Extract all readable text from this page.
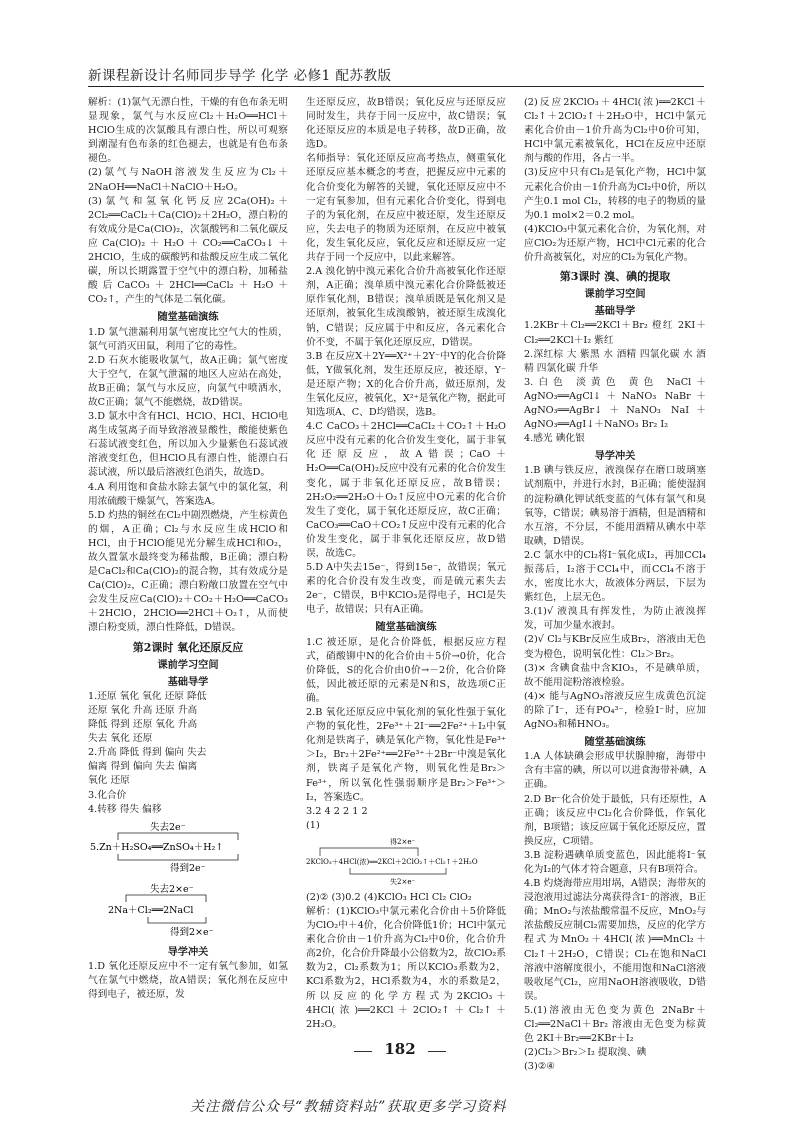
新课程新设计名师同步导学 化学 必修1 配苏教版

解析：(1)氯气无漂白性，干燥的有色布条无明显现象，氯气与水反应Cl₂＋H₂O══HCl＋HClO生成的次氯酸具有漂白性，所以可观察到潮湿有色布条的红色褪去，也就是有色布条褪色。

(2)氯气与NaOH溶液发生反应为Cl₂＋2NaOH══NaCl＋NaClO＋H₂O。

(3)氯气和氢氧化钙反应2Ca(OH)₂＋2Cl₂══CaCl₂＋Ca(ClO)₂＋2H₂O，漂白粉的有效成分是Ca(ClO)₂，次氯酸钙和二氧化碳反应Ca(ClO)₂＋H₂O＋CO₂══CaCO₃↓＋2HClO，生成的碳酸钙和盐酸反应生成二氧化碳，所以长期露置于空气中的漂白粉，加稀盐酸后CaCO₃＋2HCl══CaCl₂＋H₂O＋CO₂↑，产生的气体是二氧化碳。

随堂基础演练

1.D 氯气泄漏利用氯气密度比空气大的性质，氯气可消灭田鼠，利用了它的毒性。

2.D 石灰水能吸收氯气，故A正确；氯气密度大于空气，在氯气泄漏的地区人应站在高处，故B正确；氯气与水反应，向氯气中喷洒水，故C正确；氯气不能燃烧，故D错误。

3.D 氯水中含有HCl、HClO、HCl、HClO电离生成氢离子而导致溶液显酸性，酸能使紫色石蕊试液变红色，所以加入少量紫色石蕊试液溶液变红色，但HClO具有漂白性，能漂白石蕊试液，所以最后溶液红色消失，故选D。

4.A 利用饱和食盐水除去氯气中的氯化氢，利用浓硫酸干燥氯气，答案选A。

5.D 灼热的铜丝在Cl₂中剧烈燃烧，产生棕黄色的烟，A正确；Cl₂与水反应生成HClO和HCl，由于HClO能见光分解生成HCl和O₂，故久置氯水最终变为稀盐酸，B正确；漂白粉是CaCl₂和Ca(ClO)₂的混合物，其有效成分是Ca(ClO)₂，C正确；漂白粉敞口放置在空气中会发生反应Ca(ClO)₂＋CO₂＋H₂O══CaCO₃＋2HClO，2HClO══2HCl＋O₂↑，从而使漂白粉变质，漂白性降低，D错误。

第2课时 氧化还原反应

课前学习空间

基础导学

1.还原 氧化 氧化 还原 降低

还原 氧化 升高 还原 升高

降低 得到 还原 氧化 升高

失去 氧化 还原

2.升高 降低 得到 偏向 失去

偏离 得到 偏向 失去 偏离

氧化 还原

3.化合价

4.转移 得失 偏移

失去2e⁻
5.Zn＋H₂SO₄══ZnSO₄＋H₂↑
得到2e⁻
失去2×e⁻
2Na＋Cl₂══2NaCl
得到2×e⁻

导学冲关

1.D 氧化还原反应中不一定有氧气参加，如氢气在氯气中燃烧，故A错误；氧化剂在反应中得到电子，被还原，发

生还原反应，故B错误；氧化反应与还原反应同时发生，共存于同一反应中，故C错误；氧化还原反应的本质是电子转移，故D正确，故选D。

名师指导：氧化还原反应高考热点，侧重氧化还原反应基本概念的考查，把握反应中元素的化合价变化为解答的关键，氧化还原反应中不一定有氧参加，但有元素化合价变化，得到电子的为氧化剂，在反应中被还原，发生还原反应，失去电子的物质为还原剂，在反应中被氧化，发生氧化反应，氧化反应和还原反应一定共存于同一个反应中，以此来解答。

2.A 溴化钠中溴元素化合价升高被氧化作还原剂，A正确；溴单质中溴元素化合价降低被还原作氧化剂，B错误；溴单质既是氧化剂又是还原剂，被氧化生成溴酸钠，被还原生成溴化钠，C错误；反应属于中和反应，各元素化合价不变，不属于氧化还原反应，D错误。

3.B 在反应X＋2Y══X²⁺＋2Y⁻中Y的化合价降低，Y做氧化剂，发生还原反应，被还原，Y⁻是还原产物；X的化合价升高，做还原剂，发生氧化反应，被氧化，X²⁺是氧化产物，据此可知选项A、C、D均错误，选B。

4.C CaCO₃＋2HCl══CaCl₂＋CO₂↑＋H₂O反应中没有元素的化合价发生变化，属于非氧化还原反应，故A错误；CaO＋H₂O══Ca(OH)₂反应中没有元素的化合价发生变化，属于非氧化还原反应，故B错误；2H₂O₂══2H₂O＋O₂↑反应中O元素的化合价发生了变化，属于氧化还原反应，故C正确；CaCO₃══CaO＋CO₂↑反应中没有元素的化合价发生变化，属于非氧化还原反应，故D错误，故选C。

5.D A中失去15e⁻，得到15e⁻，故错误；氧元素的化合价没有发生改变，而是硫元素失去2e⁻，C错误，B中KClO₃是得电子，HCl是失电子，故错误；只有A正确。

随堂基础演练

1.C 被还原，是化合价降低，根据反应方程式，硝酸铆中N的化合价由＋5价→0价，化合价降低，S的化合价由0价→－2价，化合价降低，因此被还原的元素是N和S，故选项C正确。

2.B 氧化还原反应中氧化剂的氧化性强于氧化产物的氧化性，2Fe³⁺＋2I⁻══2Fe²⁺＋I₂中氧化剂是铁离子，碘是氧化产物，氧化性是Fe³⁺＞I₂，Br₂＋2Fe²⁺══2Fe³⁺＋2Br⁻中溴是氧化剂，铁离子是氧化产物，则氧化性是Br₂＞Fe³⁺，所以氧化性强弱顺序是Br₂＞Fe³⁺＞I₂，答案选C。

3.2 4 2 2 1 2

(1)

得2×e⁻
2KClO₃＋4HCl(浓)══2KCl＋2ClO₂↑＋Cl₂↑＋2H₂O
失2×e⁻

(2)② (3)0.2 (4)KClO₃ HCl Cl₂ ClO₂

解析：(1)KClO₃中氯元素化合价由＋5价降低为ClO₂中＋4价，化合价降低1价；HCl中氯元素化合价由－1价升高为Cl₂中0价，化合价升高2价，化合价升降最小公倍数为2，故ClO₂系数为2，Cl₂系数为1；所以KClO₃系数为2，KCl系数为2，HCl系数为4，水的系数是2，所以反应的化学方程式为2KClO₃＋4HCl(浓)══2KCl＋2ClO₂↑＋Cl₂↑＋2H₂O。

(2)反应2KClO₃＋4HCl(浓)══2KCl＋Cl₂↑＋2ClO₂↑＋2H₂O中，HCl中氯元素化合价由－1价升高为Cl₂中0价可知，HCl中氯元素被氧化，HCl在反应中还原剂与酸的作用，各占一半。

(3)反应中只有Cl₂是氧化产物，HCl中氯元素化合价由－1价升高为Cl₂中0价，所以产生0.1 mol Cl₂，转移的电子的物质的量为0.1 mol×2＝0.2 mol。

(4)KClO₃中氯元素化合价，为氧化剂，对应ClO₂为还原产物，HCl中Cl元素的化合价升高被氧化，对应的Cl₂为氧化产物。

第3课时 溴、碘的提取

课前学习空间

基础导学

1.2KBr＋Cl₂══2KCl＋Br₂ 橙红 2KI＋Cl₂══2KCl＋I₂ 紫红

2.深红棕 大 紫黑 水 酒精 四氯化碳 水 酒精 四氯化碳 升华

3.白色 淡黄色 黄色 NaCl＋AgNO₃══AgCl↓＋NaNO₃ NaBr＋AgNO₃══AgBr↓＋NaNO₃ NaI＋AgNO₃══AgI↓＋NaNO₃ Br₂ I₂

4.感光 碘化银

导学冲关

1.B 碘与铁反应，液溴保存在磨口玻璃塞试剂瓶中，并进行水封，B正确；能使湿润的淀粉碘化钾试纸变蓝的气体有氯气和臭氧等，C错误；碘易溶于酒精，但是酒精和水互溶，不分层，不能用酒精从碘水中萃取碘，D错误。

2.C 氯水中的Cl₂将I⁻氧化成I₂，再加CCl₄振荡后，I₂溶于CCl₄中，而CCl₄不溶于水，密度比水大，故液体分两层，下层为紫红色，上层无色。

3.(1)√ 液溴具有挥发性，为防止液溴挥发，可加少量水液封。

(2)√ Cl₂与KBr反应生成Br₂，溶液由无色变为橙色，说明氧化性：Cl₂＞Br₂。

(3)× 含碘食盐中含KIO₃，不是碘单质，故不能用淀粉溶液检验。

(4)× 能与AgNO₃溶液反应生成黄色沉淀的除了I⁻，还有PO₄³⁻，检验I⁻时，应加AgNO₃和稀HNO₃。

随堂基础演练

1.A 人体缺碘会形成甲状腺肿瘤，海带中含有丰富的碘，所以可以进食海带补碘，A正确。

2.D Br⁻化合价处于最低，只有还原性，A正确；该反应中Cl₂化合价降低，作氧化剂，B项错；该反应属于氧化还原反应，置换反应，C项错。

3.B 淀粉遇碘单质变蓝色，因此能将I⁻氧化为I₂的气体才符合题意，只有B项符合。

4.B 灼烧海带应用坩埚，A错误；海带灰的浸泡液用过滤法分离获得含I⁻的溶液，B正确；MnO₂与浓盐酸常温不反应，MnO₂与浓盐酸反应制Cl₂需要加热，反应的化学方程式为MnO₂＋4HCl(浓)══MnCl₂＋Cl₂↑＋2H₂O，C错误；Cl₂在饱和NaCl溶液中溶解度很小，不能用饱和NaCl溶液吸收尾气Cl₂，应用NaOH溶液吸收，D错误。

5.(1)溶液由无色变为黄色 2NaBr＋Cl₂══2NaCl＋Br₂ 溶液由无色变为棕黄色 2KI＋Br₂══2KBr＋I₂

(2)Cl₂＞Br₂＞I₂ 提取溴、碘

(3)②④

182
关注微信公众号“教辅资料站”获取更多学习资料
